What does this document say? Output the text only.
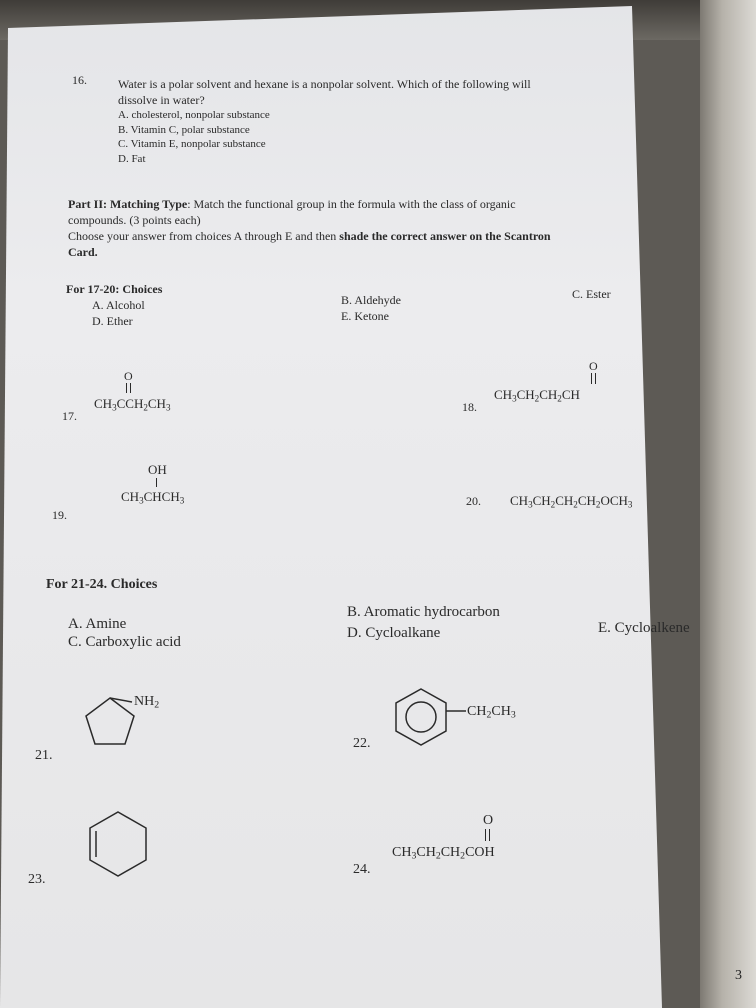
16.	Water is a polar solvent and hexane is a nonpolar solvent. Which of the following will
dissolve in water?
A. cholesterol, nonpolar substance
B. Vitamin C, polar substance
C. Vitamin E, nonpolar substance
D. Fat
Part II: Matching Type: Match the functional group in the formula with the class of organic
compounds. (3 points each)
Choose your answer from choices A through E and then shade the correct answer on the Scantron
Card.
For 17-20: Choices
A. Alcohol
D. Ether
B. Aldehyde
E. Ketone
C. Ester
O
$CH_3CCH_2CH_3$
17.
O
$CH_3CH_2CH_2CH$
18.
OH
$CH_3CHCH_3$
19.
20. $CH_3CH_2CH_2CH_2OCH_3$
For 21-24. Choices
A. Amine
C. Carboxylic acid
B. Aromatic hydrocarbon
D. Cycloalkane	E. Cycloalkene
$NH_2$
21.
$CH_2CH_3$
22.
23.
O
$CH_3CH_2CH_2COH$
24.
3
